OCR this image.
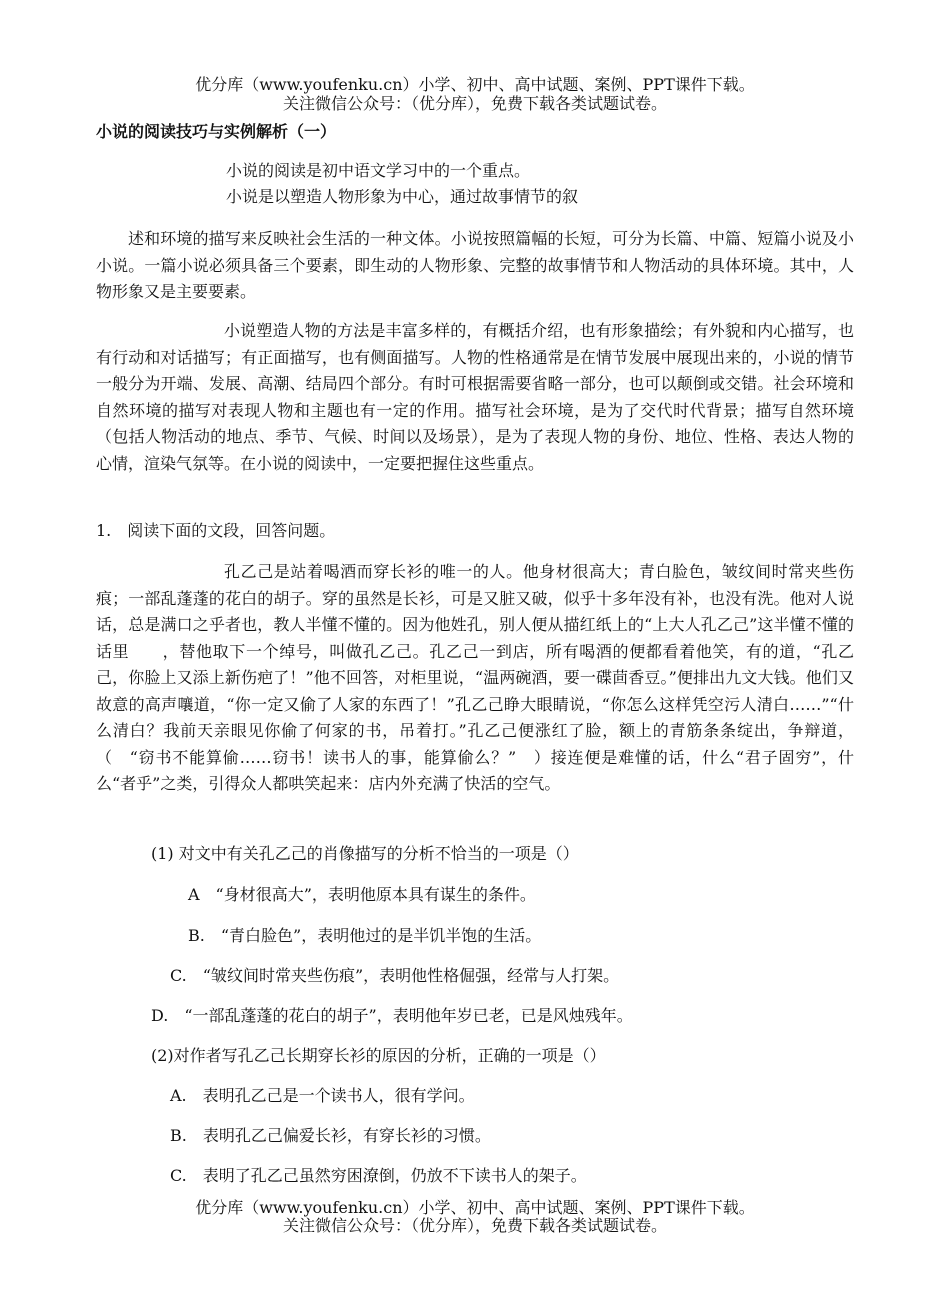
优分库（www.youfenku.cn）小学、初中、高中试题、案例、PPT课件下载。
关注微信公众号：（优分库），免费下载各类试题试卷。
小说的阅读技巧与实例解析（一）
小说的阅读是初中语文学习中的一个重点。
小说是以塑造人物形象为中心，通过故事情节的叙
述和环境的描写来反映社会生活的一种文体。小说按照篇幅的长短，可分为长篇、中篇、短篇小说及小小说。一篇小说必须具备三个要素，即生动的人物形象、完整的故事情节和人物活动的具体环境。其中，人物形象又是主要要素。
小说塑造人物的方法是丰富多样的，有概括介绍，也有形象描绘；有外貌和内心描写，也有行动和对话描写；有正面描写，也有侧面描写。人物的性格通常是在情节发展中展现出来的，小说的情节一般分为开端、发展、高潮、结局四个部分。有时可根据需要省略一部分，也可以颠倒或交错。社会环境和自然环境的描写对表现人物和主题也有一定的作用。描写社会环境，是为了交代时代背景；描写自然环境（包括人物活动的地点、季节、气候、时间以及场景），是为了表现人物的身份、地位、性格、表达人物的心情，渲染气氛等。在小说的阅读中，一定要把握住这些重点。
1.　阅读下面的文段，回答问题。
孔乙己是站着喝酒而穿长衫的唯一的人。他身材很高大；青白脸色，皱纹间时常夹些伤痕；一部乱蓬蓬的花白的胡子。穿的虽然是长衫，可是又脏又破，似乎十多年没有补，也没有洗。他对人说话，总是满口之乎者也，教人半懂不懂的。因为他姓孔，别人便从描红纸上的“上大人孔乙己”这半懂不懂的话里　　，替他取下一个绰号，叫做孔乙己。孔乙己一到店，所有喝酒的便都看着他笑，有的道，“孔乙己，你脸上又添上新伤疤了！”他不回答，对柜里说，“温两碗酒，要一碟茴香豆。”便排出九文大钱。他们又故意的高声嚷道，“你一定又偷了人家的东西了！”孔乙己睁大眼睛说，“你怎么这样凭空污人清白……”“什么清白？我前天亲眼见你偷了何家的书，吊着打。”孔乙己便涨红了脸，额上的青筋条条绽出，争辩道，（　“窃书不能算偷……窃书！读书人的事，能算偷么？”　）接连便是难懂的话，什么“君子固穷”，什么“者乎”之类，引得众人都哄笑起来：店内外充满了快活的空气。
(1) 对文中有关孔乙己的肖像描写的分析不恰当的一项是（）
A　“身材很高大”，表明他原本具有谋生的条件。
B.　“青白脸色”，表明他过的是半饥半饱的生活。
C.　“皱纹间时常夹些伤痕”，表明他性格倔强，经常与人打架。
D.　“一部乱蓬蓬的花白的胡子”，表明他年岁已老，已是风烛残年。
(2)对作者写孔乙己长期穿长衫的原因的分析，正确的一项是（）
A.　表明孔乙己是一个读书人，很有学问。
B.　表明孔乙己偏爱长衫，有穿长衫的习惯。
C.　表明了孔乙己虽然穷困潦倒，仍放不下读书人的架子。
优分库（www.youfenku.cn）小学、初中、高中试题、案例、PPT课件下载。
关注微信公众号：（优分库），免费下载各类试题试卷。
